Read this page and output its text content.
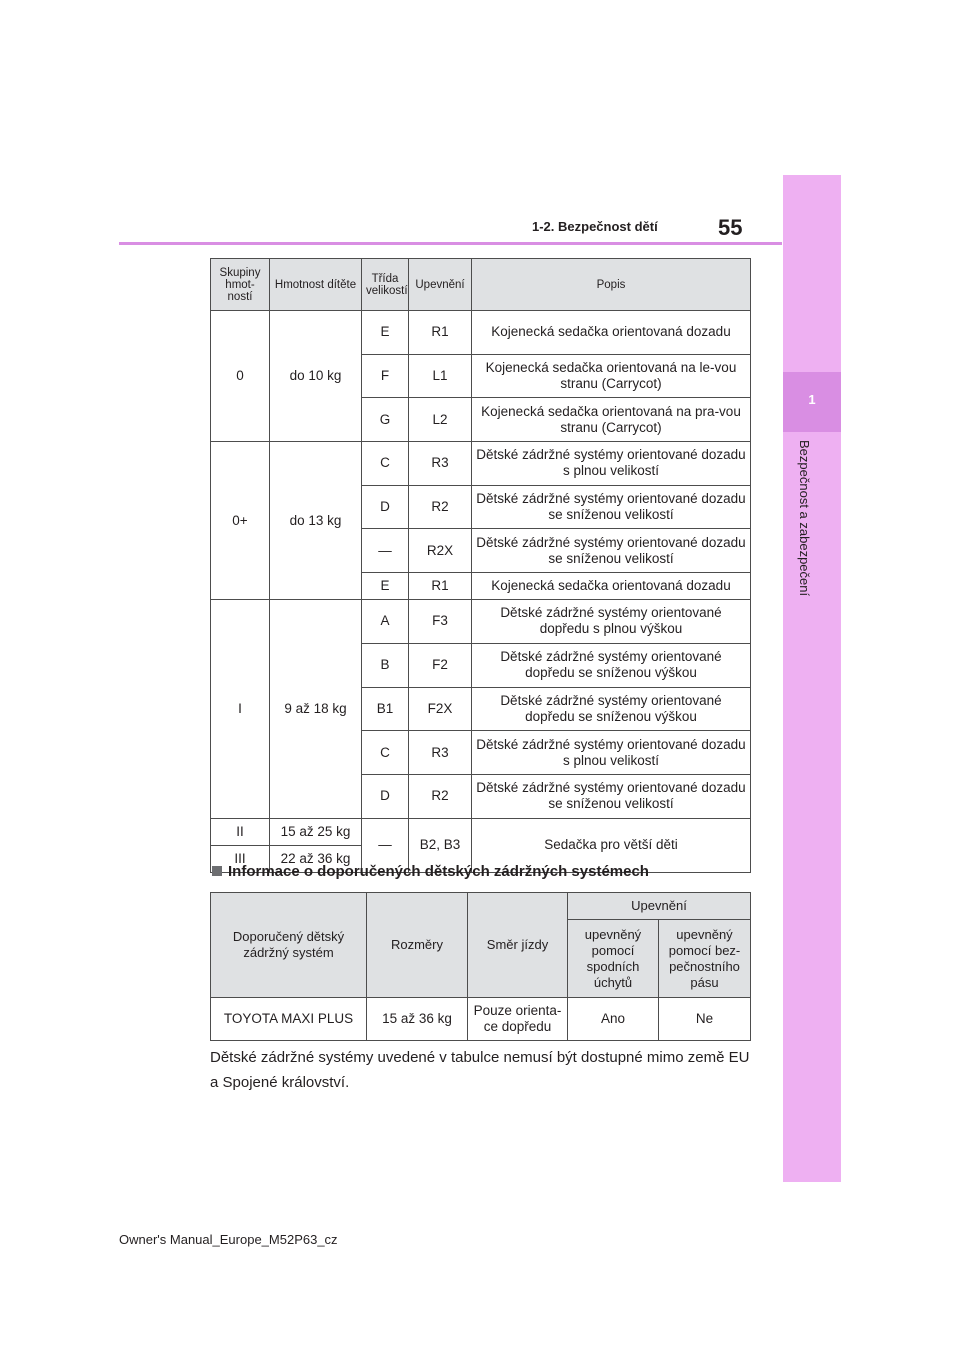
1
Bezpečnost a zabezpečení
55
1-2. Bezpečnost dětí
Skupiny hmot-ností	Hmotnost dítěte	Třída velikostí	Upevnění	Popis
0	do 10 kg	E	R1	Kojenecká sedačka orientovaná dozadu
		F	L1	Kojenecká sedačka orientovaná na le-vou stranu (Carrycot)
		G	L2	Kojenecká sedačka orientovaná na pra-vou stranu (Carrycot)
0+	do 13 kg	C	R3	Dětské zádržné systémy orientované dozadu s plnou velikostí
		D	R2	Dětské zádržné systémy orientované dozadu se sníženou velikostí
		—	R2X	Dětské zádržné systémy orientované dozadu se sníženou velikostí
		E	R1	Kojenecká sedačka orientovaná dozadu
I	9 až 18 kg	A	F3	Dětské zádržné systémy orientované dopředu s plnou výškou
		B	F2	Dětské zádržné systémy orientované dopředu se sníženou výškou
		B1	F2X	Dětské zádržné systémy orientované dopředu se sníženou výškou
		C	R3	Dětské zádržné systémy orientované dozadu s plnou velikostí
		D	R2	Dětské zádržné systémy orientované dozadu se sníženou velikostí
II	15 až 25 kg	—	B2, B3	Sedačka pro větší děti
III	22 až 36 kg			
Informace o doporučených dětských zádržných systémech
Doporučený dětský zádržný systém	Rozměry	Směr jízdy	Upevnění	
			upevněný pomocí spodních úchytů	upevněný pomocí bez-pečnostního pásu
TOYOTA MAXI PLUS	15 až 36 kg	Pouze orienta-ce dopředu	Ano	Ne
Dětské zádržné systémy uvedené v tabulce nemusí být dostupné mimo země EU a Spojené království.
Owner's Manual_Europe_M52P63_cz
